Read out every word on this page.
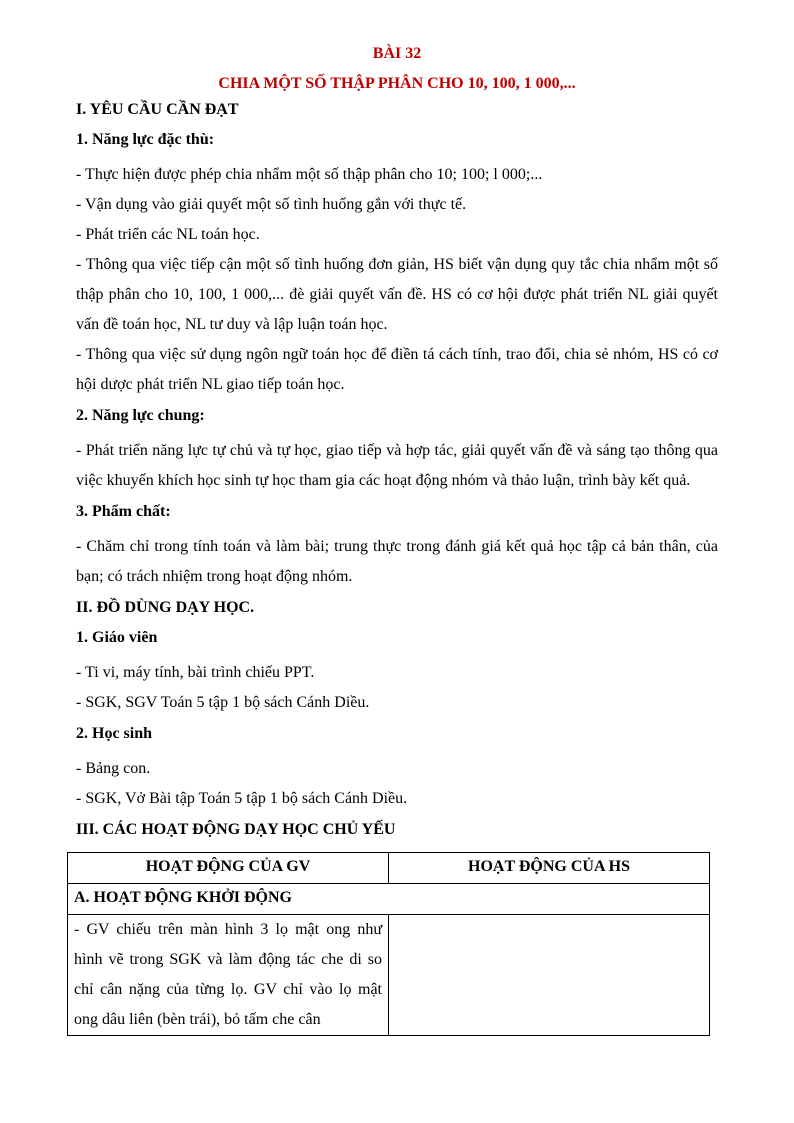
BÀI 32
CHIA MỘT SỐ THẬP PHÂN CHO 10, 100, 1 000,...
I. YÊU CẦU CẦN ĐẠT
1. Năng lực đặc thù:
- Thực hiện được phép chia nhẩm một số thập phân cho 10; 100; l 000;...
- Vận dụng vào giải quyết một số tình huống gắn với thực tế.
- Phát triển các NL toán học.
- Thông qua việc tiếp cận một số tình huống đơn giản, HS biết vận dụng quy tắc chia nhẩm một số thập phân cho 10, 100, 1 000,... đè giải quyết vấn đề. HS có cơ hội được phát triển NL giải quyết vấn đề toán học, NL tư duy và lập luận toán học.
- Thông qua việc sử dụng ngôn ngữ toán học để điền tá cách tính, trao đổi, chia sẻ nhóm, HS có cơ hội dược phát triển NL giao tiếp toán học.
2. Năng lực chung:
- Phát triển năng lực tự chủ và tự học, giao tiếp và hợp tác, giải quyết vấn đề và sáng tạo thông qua việc khuyến khích học sinh tự học tham gia các hoạt động nhóm và thảo luận, trình bày kết quả.
3. Phẩm chất:
- Chăm chỉ trong tính toán và làm bài; trung thực trong đánh giá kết quả học tập cả bản thân, của bạn; có trách nhiệm trong hoạt động nhóm.
II. ĐỒ DÙNG DẠY HỌC.
1. Giáo viên
- Ti vi, máy tính, bài trình chiếu PPT.
- SGK, SGV Toán 5 tập 1 bộ sách Cánh Diều.
2. Học sinh
- Bảng con.
- SGK, Vở Bài tập Toán 5 tập 1 bộ sách Cánh Diều.
III. CÁC HOẠT ĐỘNG DẠY HỌC CHỦ YẾU
HOẠT ĐỘNG CỦA GV	HOẠT ĐỘNG CỦA HS
A. HOẠT ĐỘNG KHỞI ĐỘNG	
- GV chiếu trên màn hình 3 lọ mật ong như hình vẽ trong SGK và làm động tác che di so chỉ cân nặng của từng lọ. GV chỉ vào lọ mật ong dâu liên (bèn trái), bỏ tấm che cân	
